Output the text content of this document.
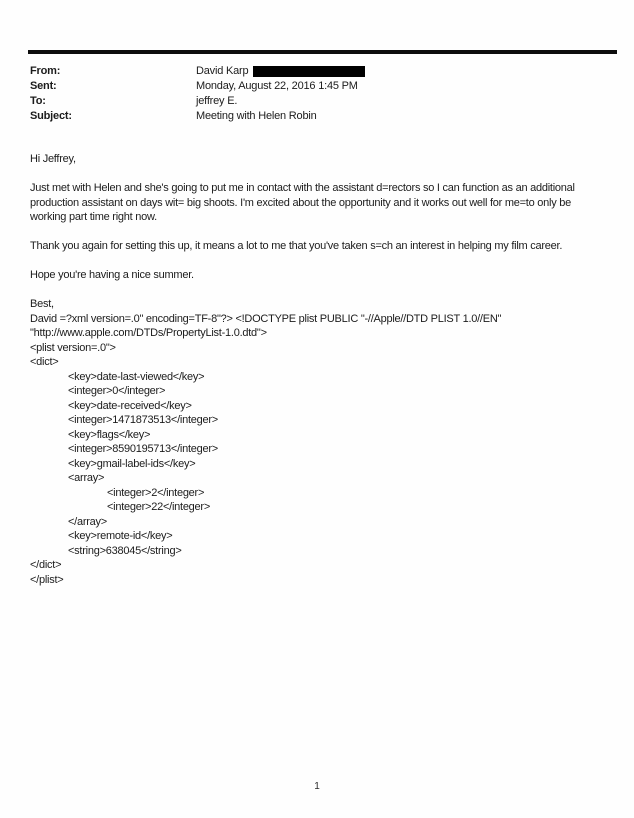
From:	David Karp
Sent:	Monday, August 22, 2016 1:45 PM
To:	jeffrey E.
Subject:	Meeting with Helen Robin
Hi Jeffrey,

Just met with Helen and she's going to put me in contact with the assistant d=rectors so I can function as an additional
production assistant on days wit= big shoots. I'm excited about the opportunity and it works out well for me=to only be
working part time right now.

Thank you again for setting this up, it means a lot to me that you've taken s=ch an interest in helping my film career.

Hope you're having a nice summer.

Best,
David =?xml version=.0" encoding=TF-8"?> <!DOCTYPE plist PUBLIC "-//Apple//DTD PLIST 1.0//EN"
"http://www.apple.com/DTDs/PropertyList-1.0.dtd">
<plist version=.0">
<dict>
<key>date-last-viewed</key>
<integer>0</integer>
<key>date-received</key>
<integer>1471873513</integer>
<key>flags</key>
<integer>8590195713</integer>
<key>gmail-label-ids</key>
<array>
<integer>2</integer>
<integer>22</integer>
</array>
<key>remote-id</key>
<string>638045</string>
</dict>
</plist>
1
